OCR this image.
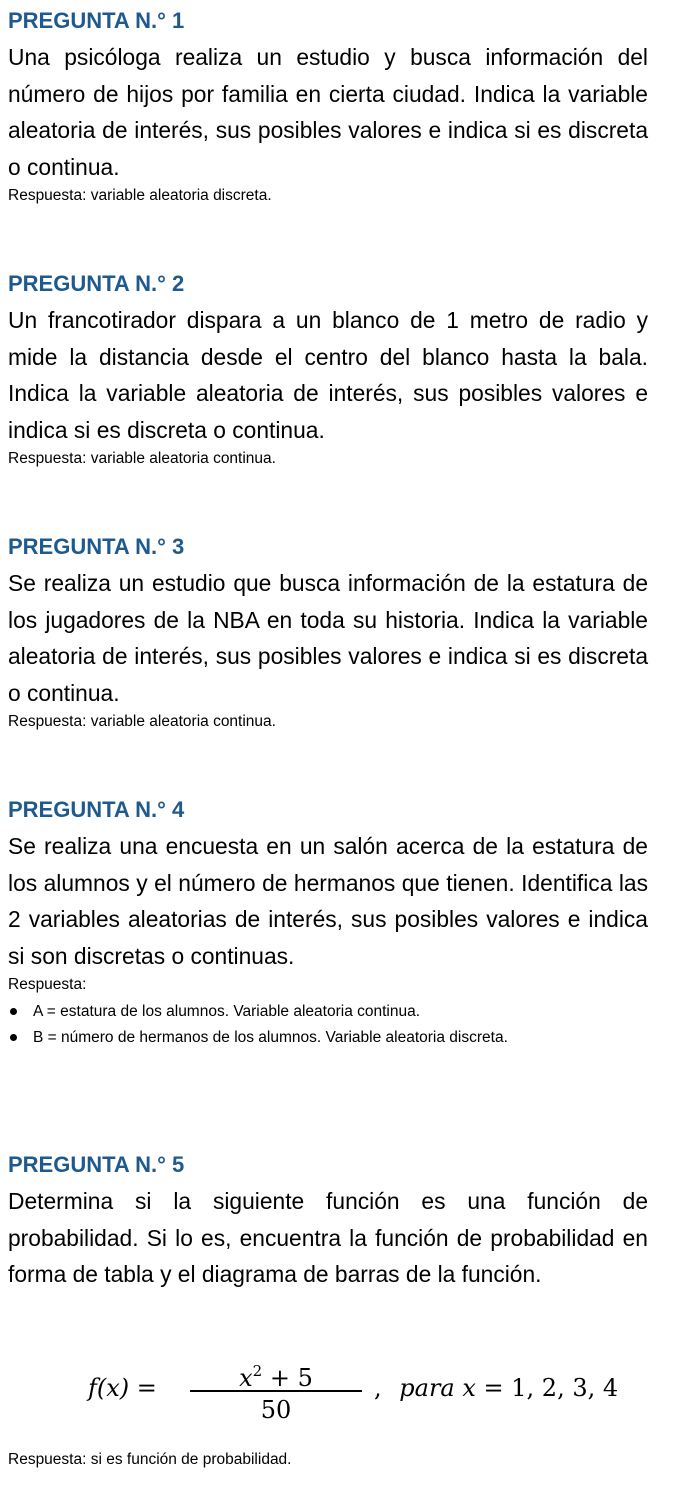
PREGUNTA N.° 1
Una psicóloga realiza un estudio y busca información del número de hijos por familia en cierta ciudad. Indica la variable aleatoria de interés, sus posibles valores e indica si es discreta o continua.
Respuesta: variable aleatoria discreta.
PREGUNTA N.° 2
Un francotirador dispara a un blanco de 1 metro de radio y mide la distancia desde el centro del blanco hasta la bala. Indica la variable aleatoria de interés, sus posibles valores e indica si es discreta o continua.
Respuesta: variable aleatoria continua.
PREGUNTA N.° 3
Se realiza un estudio que busca información de la estatura de los jugadores de la NBA en toda su historia. Indica la variable aleatoria de interés, sus posibles valores e indica si es discreta o continua.
Respuesta: variable aleatoria continua.
PREGUNTA N.° 4
Se realiza una encuesta en un salón acerca de la estatura de los alumnos y el número de hermanos que tienen. Identifica las 2 variables aleatorias de interés, sus posibles valores e indica si son discretas o continuas.
Respuesta:
A = estatura de los alumnos. Variable aleatoria continua.
B = número de hermanos de los alumnos. Variable aleatoria discreta.
PREGUNTA N.° 5
Determina si la siguiente función es una función de probabilidad. Si lo es, encuentra la función de probabilidad en forma de tabla y el diagrama de barras de la función.
f(x) =	$x^2 + 5$
50
, para x = 1, 2, 3, 4
Respuesta: si es función de probabilidad.
